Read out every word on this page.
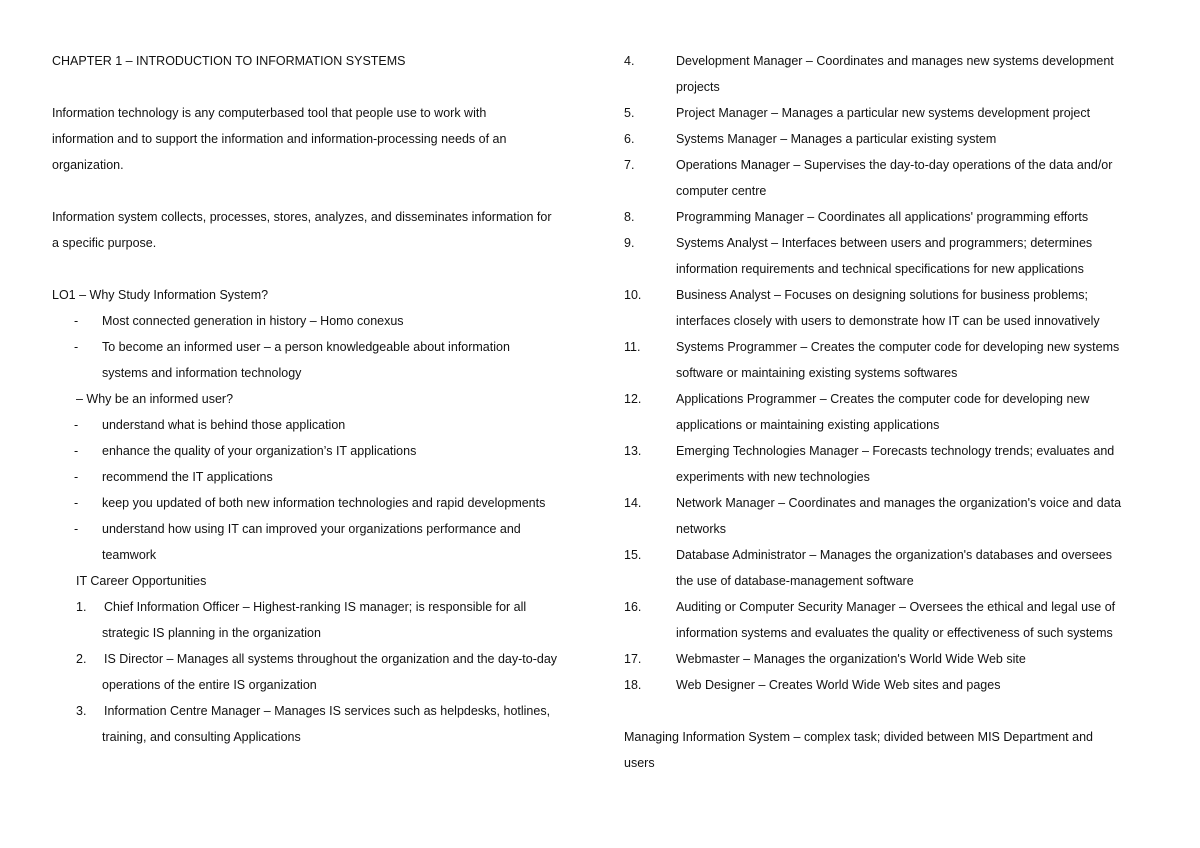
CHAPTER 1 – INTRODUCTION TO INFORMATION SYSTEMS
Information technology is any computerbased tool that people use to work with
information and to support the information and information-processing needs of an
organization.
Information system collects, processes, stores, analyzes, and disseminates information for
a specific purpose.
LO1 – Why Study Information System?
-	Most connected generation in history – Homo conexus
-	To become an informed user – a person knowledgeable about information
systems and information technology
– Why be an informed user?
-	understand what is behind those application
-	enhance the quality of your organization’s IT applications
-	recommend the IT applications
-	keep you updated of both new information technologies and rapid developments
-	understand how using IT can improved your organizations performance and
teamwork
IT Career Opportunities
1.	Chief Information Officer – Highest-ranking IS manager; is responsible for all
strategic IS planning in the organization
2.	IS Director – Manages all systems throughout the organization and the day-to-day
operations of the entire IS organization
3.	Information Centre Manager – Manages IS services such as helpdesks, hotlines,
training, and consulting Applications
4.	Development Manager – Coordinates and manages new systems development
projects
5.	Project Manager – Manages a particular new systems development project
6.	Systems Manager – Manages a particular existing system
7.	Operations Manager – Supervises the day-to-day operations of the data and/or
computer centre
8.	Programming Manager – Coordinates all applications' programming efforts
9.	Systems Analyst – Interfaces between users and programmers; determines
information requirements and technical specifications for new applications
10.	Business Analyst – Focuses on designing solutions for business problems;
interfaces closely with users to demonstrate how IT can be used innovatively
11.	Systems Programmer – Creates the computer code for developing new systems
software or maintaining existing systems softwares
12.	Applications Programmer – Creates the computer code for developing new
applications or maintaining existing applications
13.	Emerging Technologies Manager – Forecasts technology trends; evaluates and
experiments with new technologies
14.	Network Manager – Coordinates and manages the organization's voice and data
networks
15.	Database Administrator – Manages the organization's databases and oversees
the use of database-management software
16.	Auditing or Computer Security Manager – Oversees the ethical and legal use of
information systems and evaluates the quality or effectiveness of such systems
17.	Webmaster – Manages the organization's World Wide Web site
18.	Web Designer – Creates World Wide Web sites and pages
Managing Information System – complex task; divided between MIS Department and
users
